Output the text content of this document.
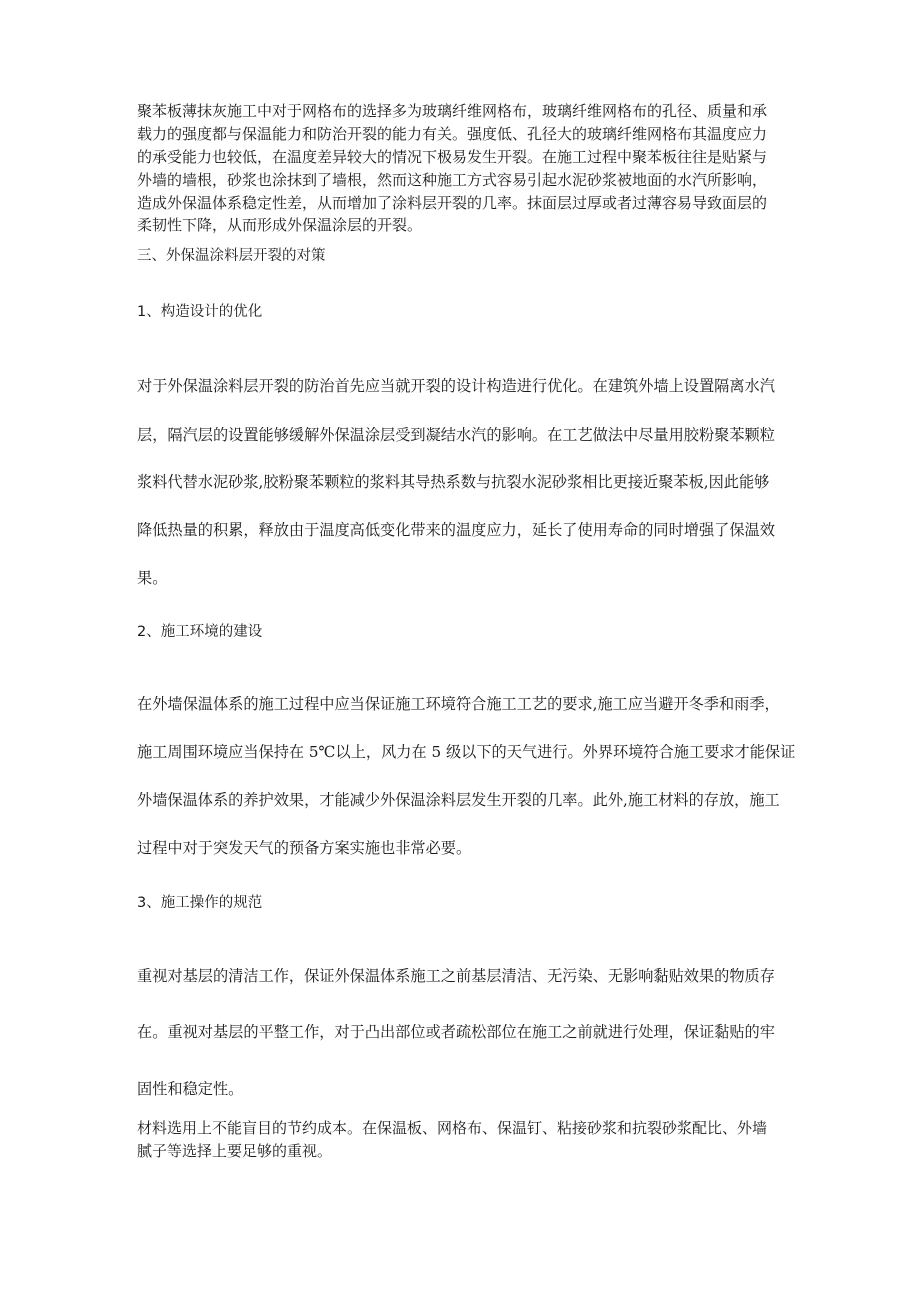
聚苯板薄抹灰施工中对于网格布的选择多为玻璃纤维网格布，玻璃纤维网格布的孔径、质量和承

载力的强度都与保温能力和防治开裂的能力有关。强度低、孔径大的玻璃纤维网格布其温度应力

的承受能力也较低，在温度差异较大的情况下极易发生开裂。在施工过程中聚苯板往往是贴紧与

外墙的墙根，砂浆也涂抹到了墙根，然而这种施工方式容易引起水泥砂浆被地面的水汽所影响，

造成外保温体系稳定性差，从而增加了涂料层开裂的几率。抹面层过厚或者过薄容易导致面层的

柔韧性下降，从而形成外保温涂层的开裂。

三、外保温涂料层开裂的对策

1、构造设计的优化

对于外保温涂料层开裂的防治首先应当就开裂的设计构造进行优化。在建筑外墙上设置隔离水汽

层，隔汽层的设置能够缓解外保温涂层受到凝结水汽的影响。在工艺做法中尽量用胶粉聚苯颗粒

浆料代替水泥砂浆,胶粉聚苯颗粒的浆料其导热系数与抗裂水泥砂浆相比更接近聚苯板,因此能够

降低热量的积累，释放由于温度高低变化带来的温度应力，延长了使用寿命的同时增强了保温效

果。

2、施工环境的建设

在外墙保温体系的施工过程中应当保证施工环境符合施工工艺的要求,施工应当避开冬季和雨季，

施工周围环境应当保持在 5℃以上，风力在 5 级以下的天气进行。外界环境符合施工要求才能保证

外墙保温体系的养护效果，才能减少外保温涂料层发生开裂的几率。此外,施工材料的存放，施工

过程中对于突发天气的预备方案实施也非常必要。

3、施工操作的规范

重视对基层的清洁工作，保证外保温体系施工之前基层清洁、无污染、无影响黏贴效果的物质存

在。重视对基层的平整工作，对于凸出部位或者疏松部位在施工之前就进行处理，保证黏贴的牢

固性和稳定性。

材料选用上不能盲目的节约成本。在保温板、网格布、保温钉、粘接砂浆和抗裂砂浆配比、外墙

腻子等选择上要足够的重视。
